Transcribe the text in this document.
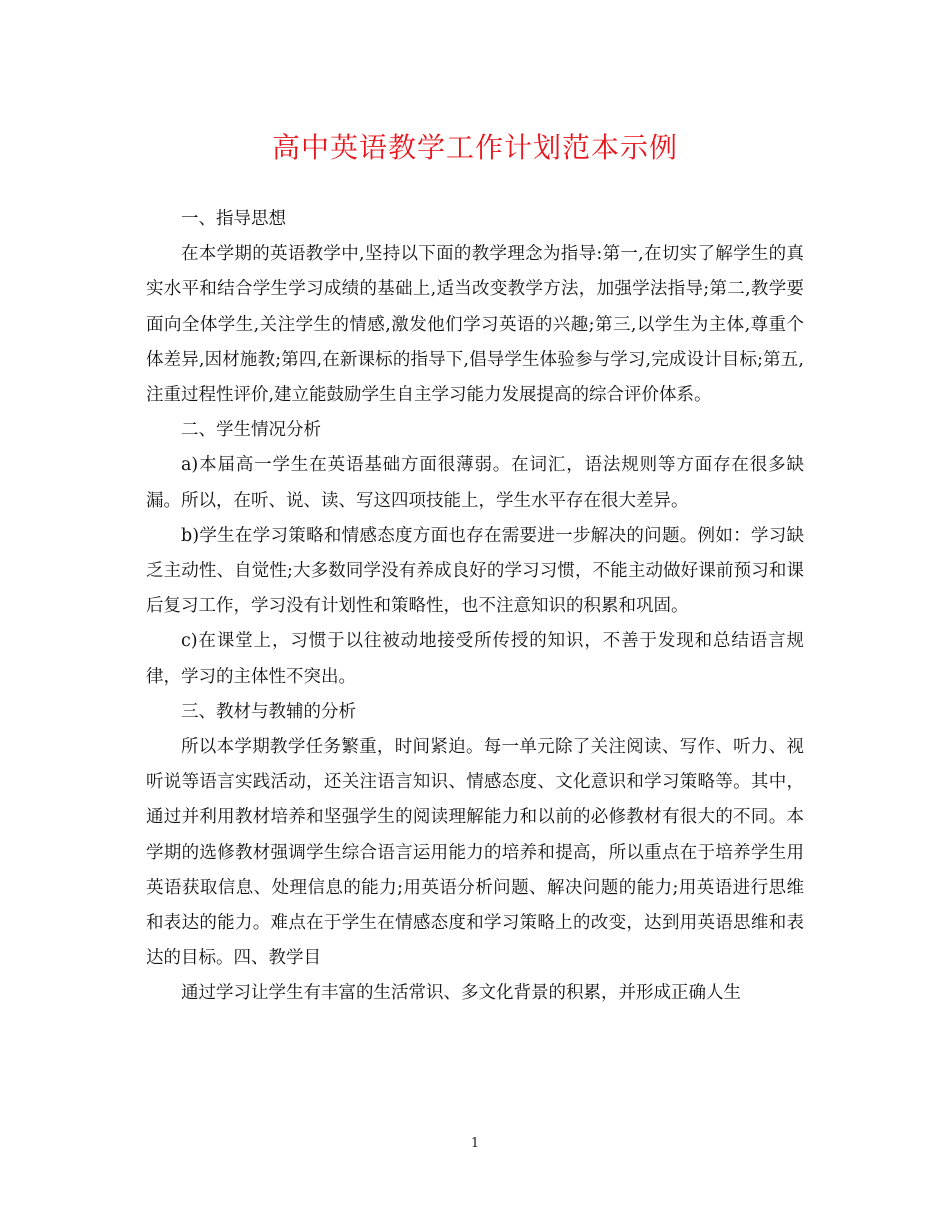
高中英语教学工作计划范本示例

一、指导思想

在本学期的英语教学中,坚持以下面的教学理念为指导:第一,在切实了解学生的真实水平和结合学生学习成绩的基础上,适当改变教学方法，加强学法指导;第二,教学要面向全体学生,关注学生的情感,激发他们学习英语的兴趣;第三,以学生为主体,尊重个体差异,因材施教;第四,在新课标的指导下,倡导学生体验参与学习,完成设计目标;第五,注重过程性评价,建立能鼓励学生自主学习能力发展提高的综合评价体系。

二、学生情况分析

a)本届高一学生在英语基础方面很薄弱。在词汇，语法规则等方面存在很多缺漏。所以，在听、说、读、写这四项技能上，学生水平存在很大差异。

b)学生在学习策略和情感态度方面也存在需要进一步解决的问题。例如：学习缺乏主动性、自觉性;大多数同学没有养成良好的学习习惯，不能主动做好课前预习和课后复习工作，学习没有计划性和策略性，也不注意知识的积累和巩固。

c)在课堂上，习惯于以往被动地接受所传授的知识，不善于发现和总结语言规律，学习的主体性不突出。

三、教材与教辅的分析

所以本学期教学任务繁重，时间紧迫。每一单元除了关注阅读、写作、听力、视听说等语言实践活动，还关注语言知识、情感态度、文化意识和学习策略等。其中，通过并利用教材培养和坚强学生的阅读理解能力和以前的必修教材有很大的不同。本学期的选修教材强调学生综合语言运用能力的培养和提高，所以重点在于培养学生用英语获取信息、处理信息的能力;用英语分析问题、解决问题的能力;用英语进行思维和表达的能力。难点在于学生在情感态度和学习策略上的改变，达到用英语思维和表达的目标。四、教学目

通过学习让学生有丰富的生活常识、多文化背景的积累，并形成正确人生

1
